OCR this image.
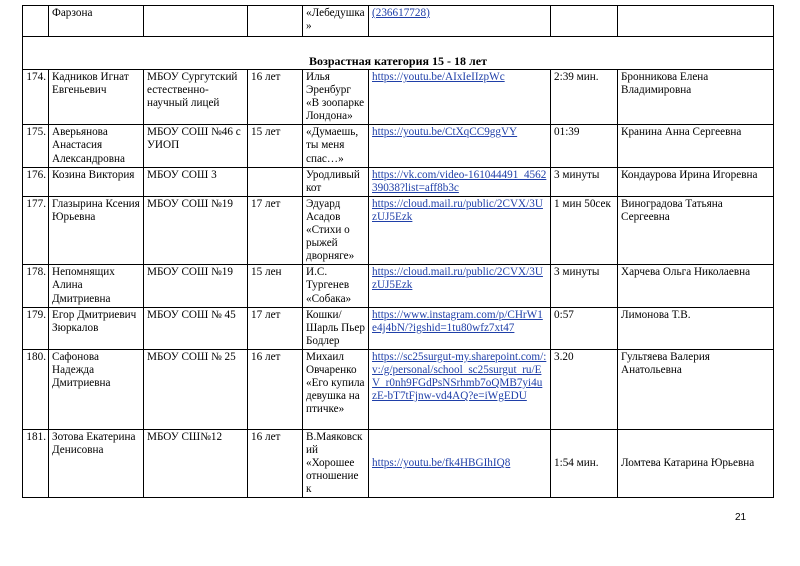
	Фарзона			«Лебедушка»	(236617728)		
Возрастная категория 15 - 18 лет							
174.	Кадников Игнат Евгеньевич	МБОУ Сургутский естественно-научный лицей	16 лет	Илья Эренбург «В зоопарке Лондона»	https://youtu.be/AIxIeIIzpWc	2:39 мин.	Бронникова Елена Владимировна
175.	Аверьянова Анастасия Александровна	МБОУ СОШ №46 с УИОП	15 лет	«Думаешь, ты меня спас…»	https://youtu.be/CtXqCC9ggVY	01:39	Кранина Анна Сергеевна
176.	Козина Виктория	МБОУ СОШ 3		Уродливый кот	https://vk.com/video-161044491_456239038?list=aff8b3c	3 минуты	Кондаурова Ирина Игоревна
177.	Глазырина Ксения Юрьевна	МБОУ СОШ №19	17 лет	Эдуард Асадов «Стихи о рыжей дворняге»	https://cloud.mail.ru/public/2CVX/3UzUJ5Ezk	1 мин 50сек	Виноградова Татьяна Сергеевна
178.	Непомнящих Алина Дмитриевна	МБОУ СОШ №19	15 лен	И.С. Тургенев «Собака»	https://cloud.mail.ru/public/2CVX/3UzUJ5Ezk	3 минуты	Харчева Ольга Николаевна
179.	Егор Дмитриевич Зюркалов	МБОУ СОШ № 45	17 лет	Кошки/Шарль Пьер Бодлер	https://www.instagram.com/p/CHrW1e4j4bN/?igshid=1tu80wfz7xt47	0:57	Лимонова Т.В.
180.	Сафонова Надежда Дмитриевна	МБОУ СОШ № 25	16 лет	Михаил Овчаренко «Его купила девушка на птичке»	https://sc25surgut-my.sharepoint.com/:v:/g/personal/school_sc25surgut_ru/EV_r0nh9FGdPsNSrhmb7oQMB7yi4uzE-bT7tFjnw-vd4AQ?e=iWgEDU	3.20	Гультяева Валерия Анатольевна
181.	Зотова Екатерина Денисовна	МБОУ СШ№12	16 лет	В.Маяковский «Хорошее отношение к	https://youtu.be/fk4HBGIhIQ8	1:54 мин.	Ломтева Катарина Юрьевна
21
